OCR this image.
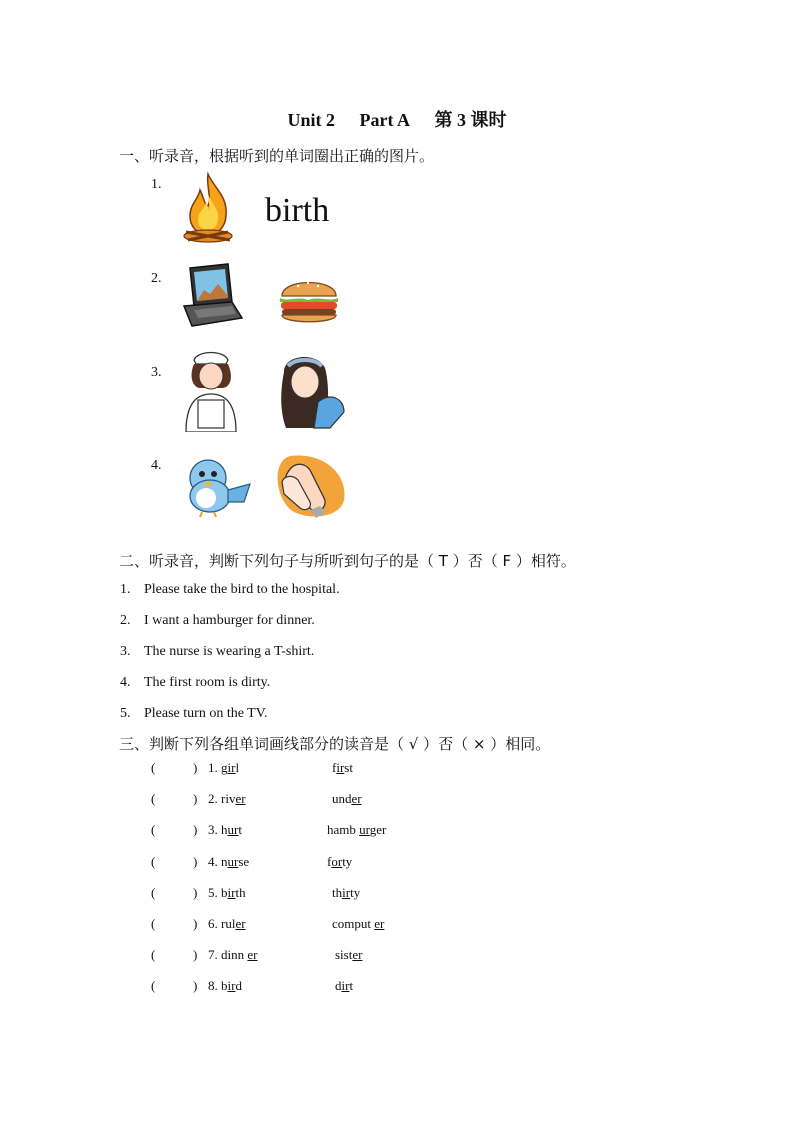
Unit 2 Part A 第 3 课时
一、听录音，根据听到的单词圈出正确的图片。
1.
birth
2.
3.
4.
二、听录音，判断下列句子与所听到句子的是（ T ）否（ F ）相符。
1. Please take the bird to the hospital.
2. I want a hamburger for dinner.
3. The nurse is wearing a T-shirt.
4. The first room is dirty.
5. Please turn on the TV.
三、判断下列各组单词画线部分的读音是（ √ ）否（ × ）相同。
(	) 1. girl	first
(	) 2. river	under
(	) 3. hurt	hamb urger
(	) 4. nurse	forty
(	) 5. birth	thirty
(	) 6. ruler	comput er
(	) 7. dinn er	sister
(	) 8. bird	dirt
